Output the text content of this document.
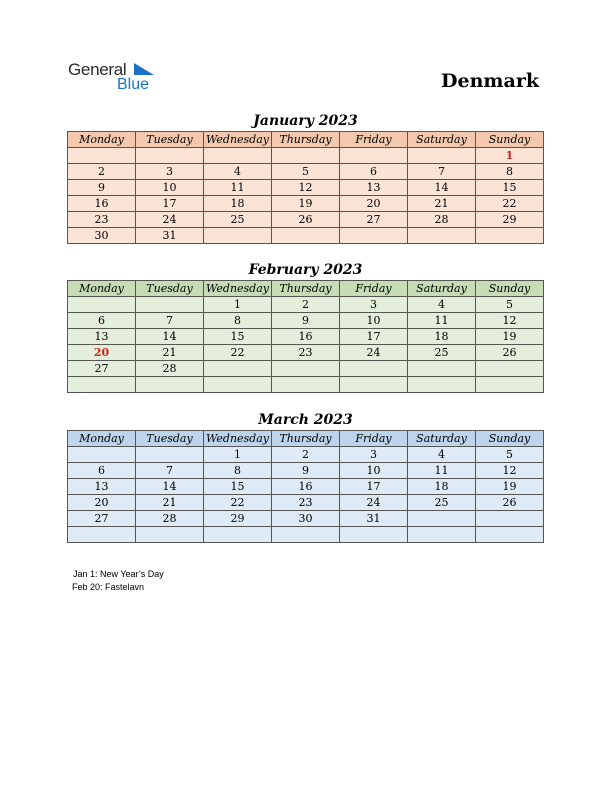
General
Blue	Denmark
January 2023
Monday	Tuesday	Wednesday	Thursday	Friday	Saturday	Sunday
						1
2	3	4	5	6	7	8
9	10	11	12	13	14	15
16	17	18	19	20	21	22
23	24	25	26	27	28	29
30	31					
February 2023
Monday	Tuesday	Wednesday	Thursday	Friday	Saturday	Sunday
		1	2	3	4	5
6	7	8	9	10	11	12
13	14	15	16	17	18	19
20	21	22	23	24	25	26
27	28					

March 2023
Monday	Tuesday	Wednesday	Thursday	Friday	Saturday	Sunday
		1	2	3	4	5
6	7	8	9	10	11	12
13	14	15	16	17	18	19
20	21	22	23	24	25	26
27	28	29	30	31		

Jan 1: New Year’s Day
Feb 20: Fastelavn
